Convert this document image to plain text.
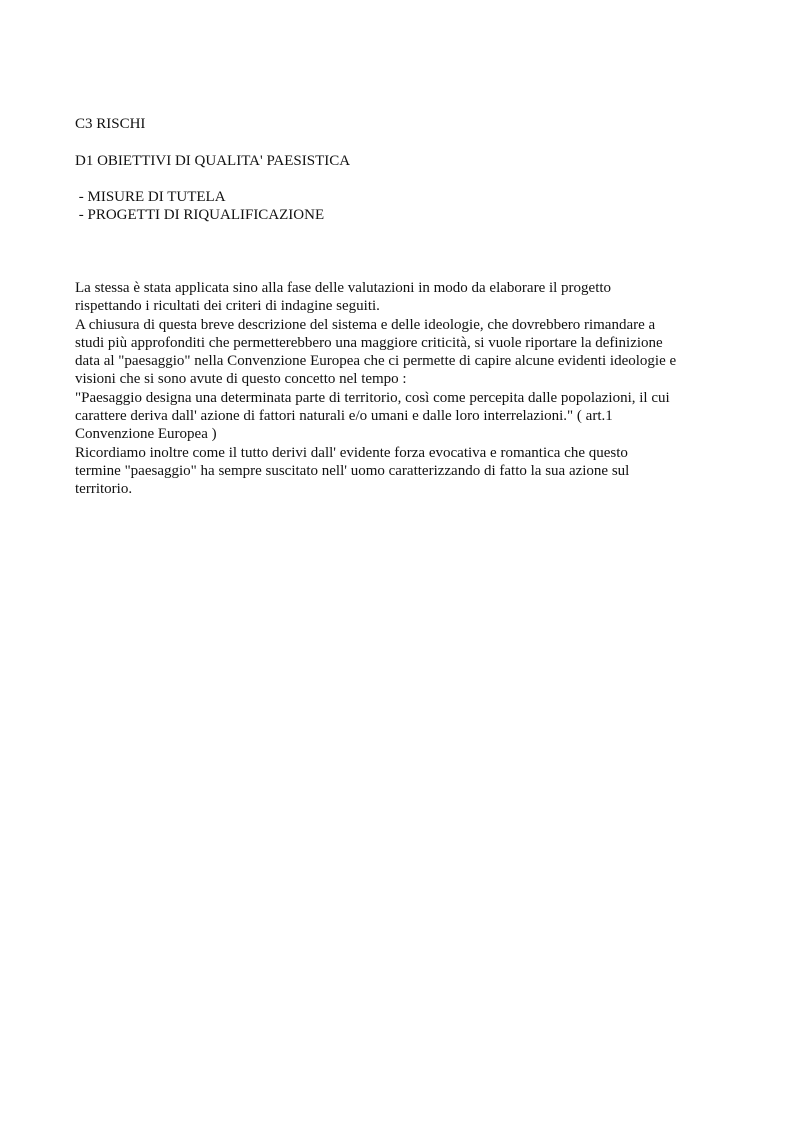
C3 RISCHI
D1 OBIETTIVI DI QUALITA' PAESISTICA
- MISURE DI TUTELA
- PROGETTI DI RIQUALIFICAZIONE
La stessa è stata applicata sino alla fase delle valutazioni in modo da elaborare il progetto
rispettando i ricultati dei criteri di indagine seguiti.
A chiusura di questa breve descrizione del sistema e delle ideologie, che dovrebbero rimandare a
studi più approfonditi che permetterebbero una maggiore criticità, si vuole riportare la definizione
data al "paesaggio" nella Convenzione Europea che ci permette di capire alcune evidenti ideologie e
visioni che si sono avute di questo concetto nel tempo :
"Paesaggio designa una determinata parte di territorio, così come percepita dalle popolazioni, il cui
carattere deriva dall' azione di fattori naturali e/o umani e dalle loro interrelazioni." ( art.1
Convenzione Europea )
Ricordiamo inoltre come il tutto derivi dall' evidente forza evocativa e romantica che questo
termine "paesaggio" ha sempre suscitato nell' uomo caratterizzando di fatto la sua azione sul
territorio.
